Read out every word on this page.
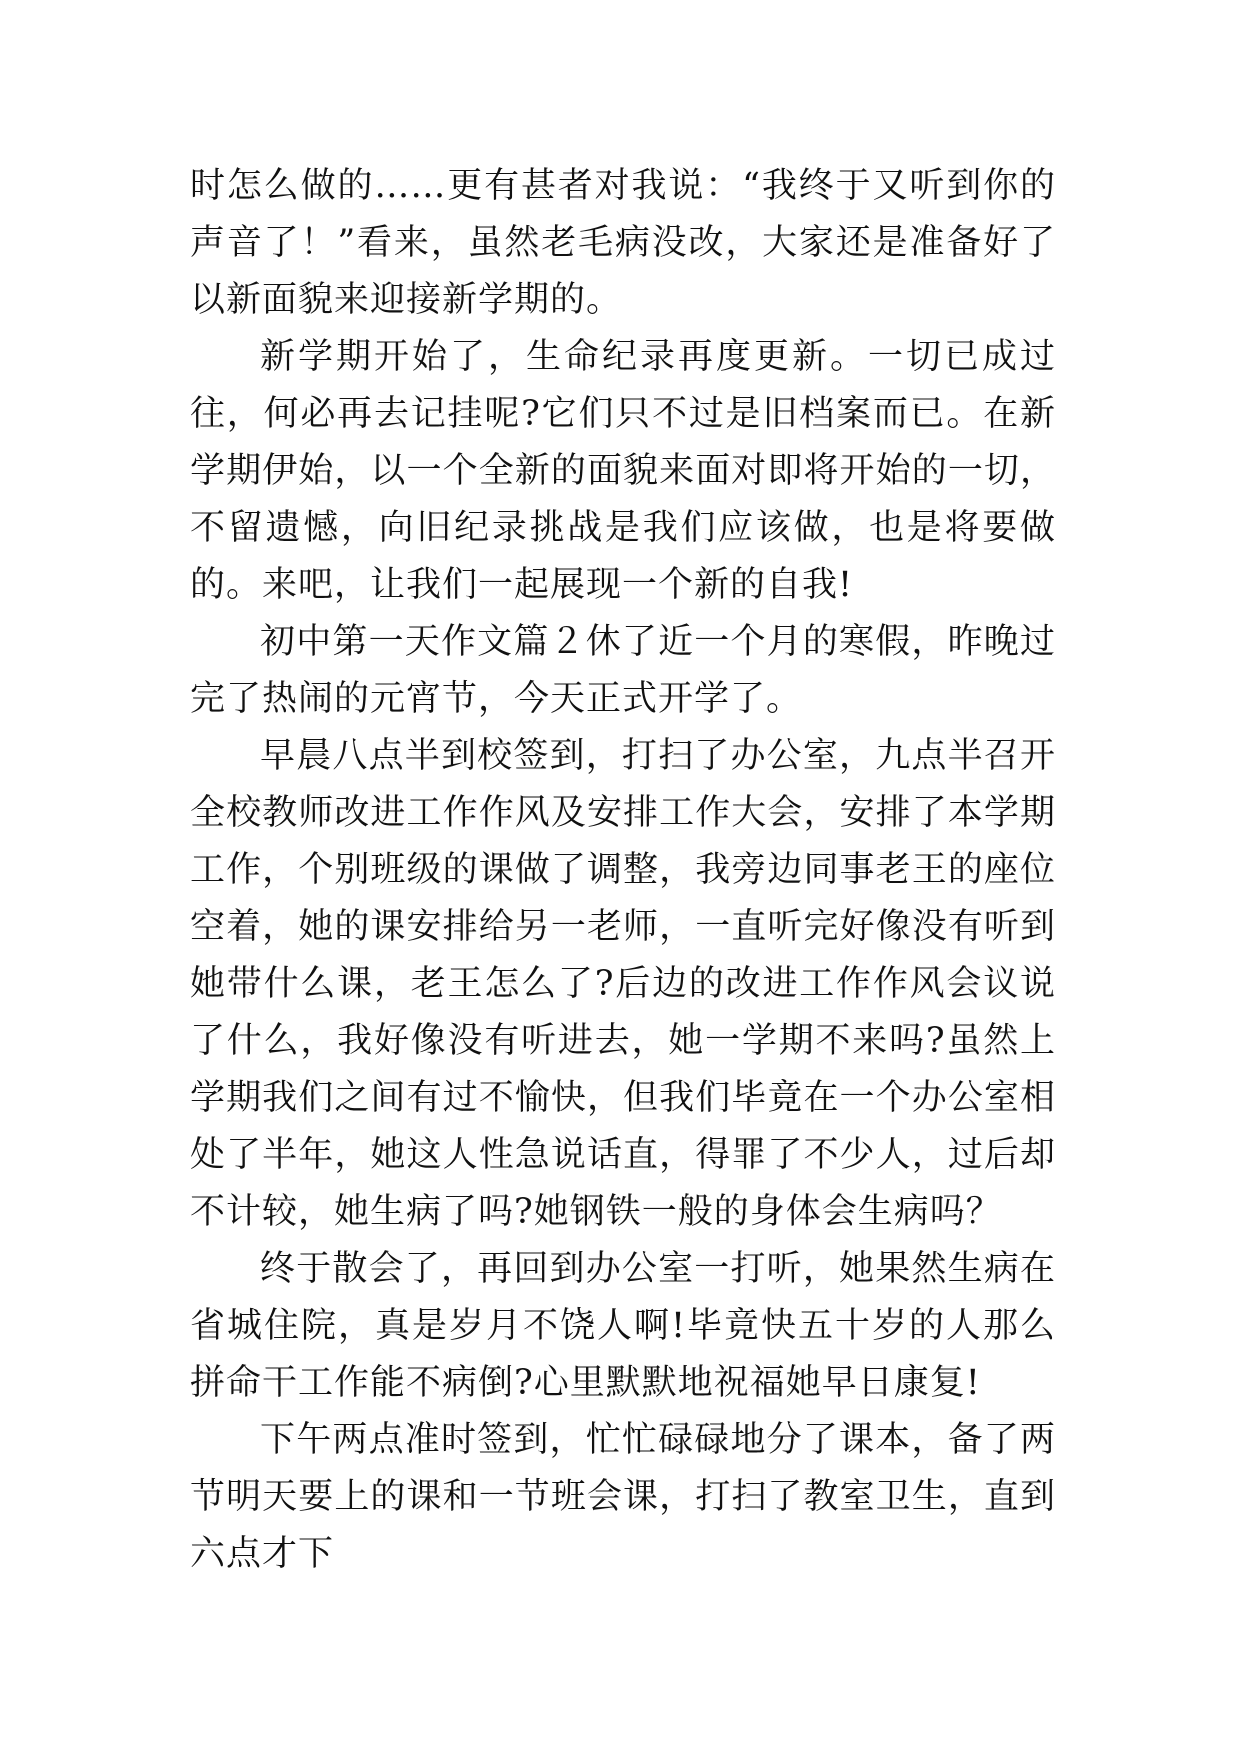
时怎么做的……更有甚者对我说：“我终于又听到你的声音了！”看来，虽然老毛病没改，大家还是准备好了以新面貌来迎接新学期的。

新学期开始了，生命纪录再度更新。一切已成过往，何必再去记挂呢?它们只不过是旧档案而已。在新学期伊始，以一个全新的面貌来面对即将开始的一切，不留遗憾，向旧纪录挑战是我们应该做，也是将要做的。来吧，让我们一起展现一个新的自我!

初中第一天作文篇２休了近一个月的寒假，昨晚过完了热闹的元宵节，今天正式开学了。

早晨八点半到校签到，打扫了办公室，九点半召开全校教师改进工作作风及安排工作大会，安排了本学期工作，个别班级的课做了调整，我旁边同事老王的座位空着，她的课安排给另一老师，一直听完好像没有听到她带什么课，老王怎么了?后边的改进工作作风会议说了什么，我好像没有听进去，她一学期不来吗?虽然上学期我们之间有过不愉快，但我们毕竟在一个办公室相处了半年，她这人性急说话直，得罪了不少人，过后却不计较，她生病了吗?她钢铁一般的身体会生病吗？

终于散会了，再回到办公室一打听，她果然生病在省城住院，真是岁月不饶人啊!毕竟快五十岁的人那么拼命干工作能不病倒?心里默默地祝福她早日康复!

下午两点准时签到，忙忙碌碌地分了课本，备了两节明天要上的课和一节班会课，打扫了教室卫生，直到六点才下
